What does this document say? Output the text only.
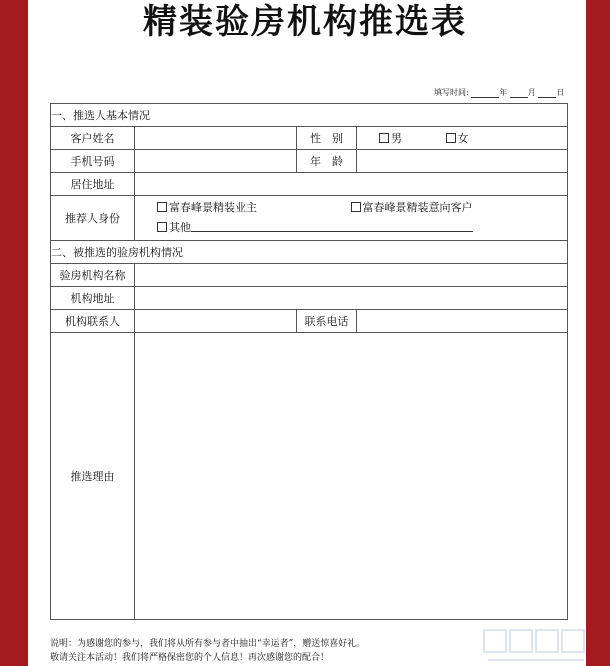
精装验房机构推选表
填写时间:	年	月	日
一、推选人基本情况			
客户姓名		性　别	男 女
手机号码		年　龄	
居住地址			
推荐人身份	富春峰景精装业主 富春峰景精装意向客户
其他		

二、被推选的验房机构情况			
验房机构名称			
机构地址			
机构联系人		联系电话	
推选理由			
说明：为感谢您的参与，我们将从所有参与者中抽出“幸运者”，赠送惊喜好礼。
敬请关注本活动！我们将严格保密您的个人信息！再次感谢您的配合！
